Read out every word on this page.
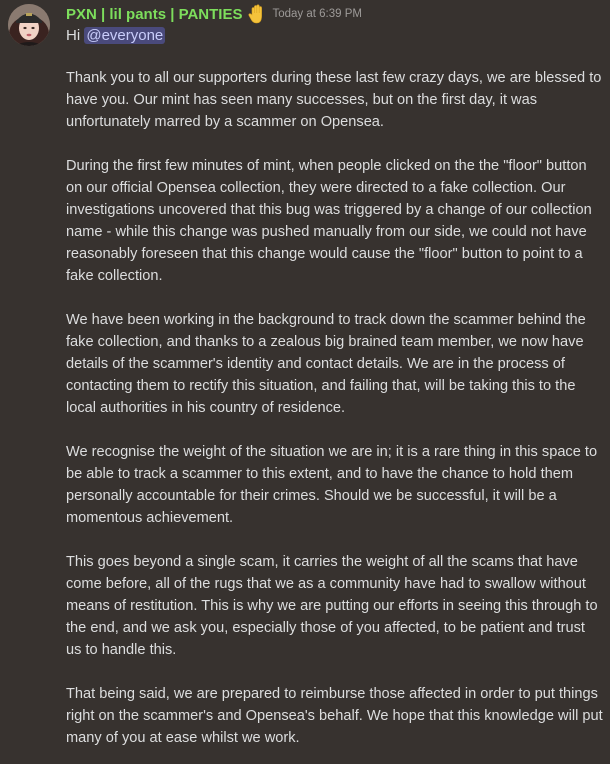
PXN | lil pants | PANTIES	Today at 6:39 PM
Hi @everyone

Thank you to all our supporters during these last few crazy days, we are blessed to have you. Our mint has seen many successes, but on the first day, it was unfortunately marred by a scammer on Opensea.

During the first few minutes of mint, when people clicked on the the "floor" button on our official Opensea collection, they were directed to a fake collection. Our investigations uncovered that this bug was triggered by a change of our collection name - while this change was pushed manually from our side, we could not have reasonably foreseen that this change would cause the "floor" button to point to a fake collection.

We have been working in the background to track down the scammer behind the fake collection, and thanks to a zealous big brained team member, we now have details of the scammer's identity and contact details. We are in the process of contacting them to rectify this situation, and failing that, will be taking this to the local authorities in his country of residence.

We recognise the weight of the situation we are in; it is a rare thing in this space to be able to track a scammer to this extent, and to have the chance to hold them personally accountable for their crimes. Should we be successful, it will be a momentous achievement.

This goes beyond a single scam, it carries the weight of all the scams that have come before, all of the rugs that we as a community have had to swallow without means of restitution. This is why we are putting our efforts in seeing this through to the end, and we ask you, especially those of you affected, to be patient and trust us to handle this.

That being said, we are prepared to reimburse those affected in order to put things right on the scammer's and Opensea's behalf. We hope that this knowledge will put many of you at ease whilst we work.
